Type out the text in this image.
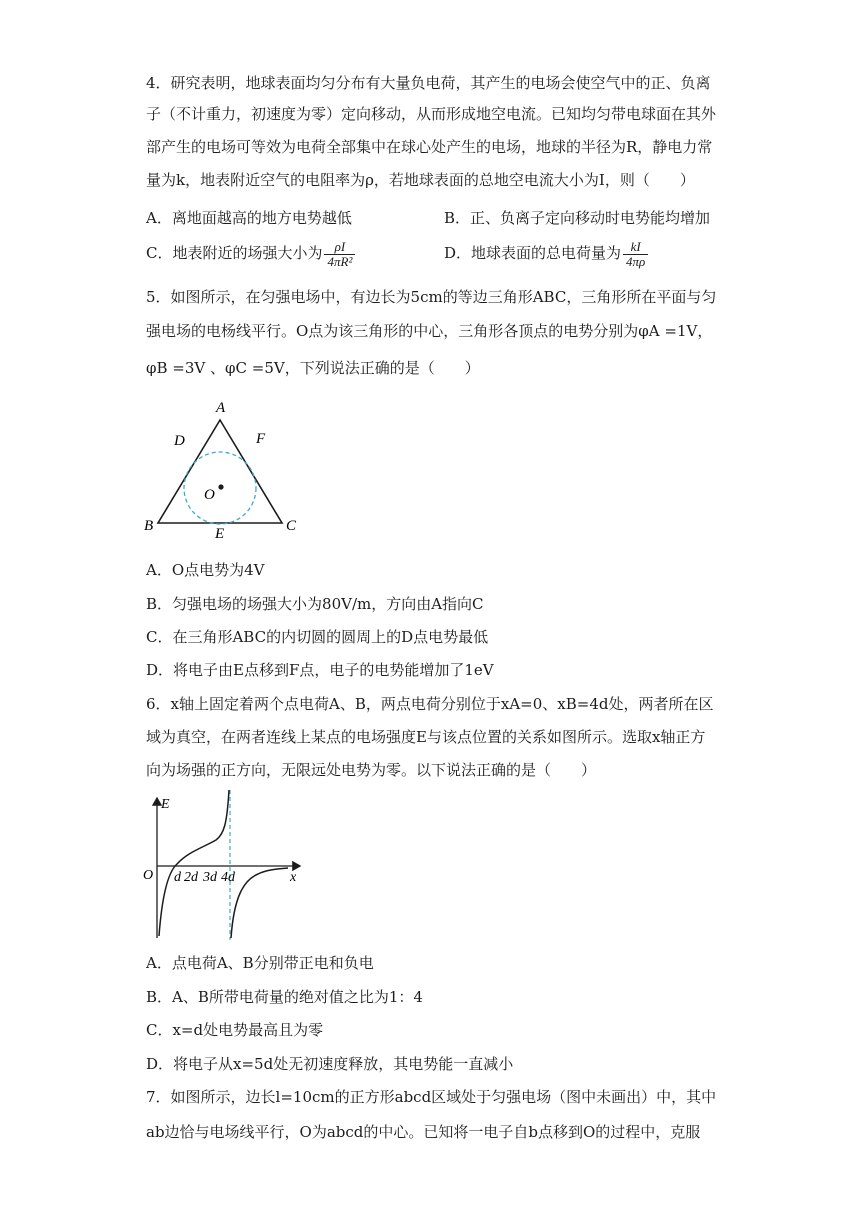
4．研究表明，地球表面均匀分布有大量负电荷，其产生的电场会使空气中的正、负离
子（不计重力，初速度为零）定向移动，从而形成地空电流。已知均匀带电球面在其外
部产生的电场可等效为电荷全部集中在球心处产生的电场，地球的半径为R，静电力常
量为k，地表附近空气的电阻率为ρ，若地球表面的总地空电流大小为I，则（　　）
A．离地面越高的地方电势越低	B．正、负离子定向移动时电势能均增加
C．地表附近的场强大小为 $\frac{\rho I}{\text{4πR²}}$	D．地球表面的总电荷量为 $\frac{kI}{4\pi\rho}$
5．如图所示，在匀强电场中，有边长为5cm的等边三角形ABC，三角形所在平面与匀
强电场的电杨线平行。O点为该三角形的中心，三角形各顶点的电势分别为φA =1V，
φB =3V 、φC =5V，下列说法正确的是（　　）
A
B	C
D	F
E
O
A．O点电势为4V
B．匀强电场的场强大小为80V/m，方向由A指向C
C．在三角形ABC的内切圆的圆周上的D点电势最低
D．将电子由E点移到F点，电子的电势能增加了1eV
6．x轴上固定着两个点电荷A、B，两点电荷分别位于xA=0、xB=4d处，两者所在区
域为真空，在两者连线上某点的电场强度E与该点位置的关系如图所示。选取x轴正方
向为场强的正方向，无限远处电势为零。以下说法正确的是（　　）
E
O	x
d 2d 3d 4d
A．点电荷A、B分别带正电和负电
B．A、B所带电荷量的绝对值之比为1：4
C．x=d处电势最高且为零
D．将电子从x=5d处无初速度释放，其电势能一直减小
7．如图所示，边长l=10cm的正方形abcd区域处于匀强电场（图中未画出）中，其中
ab边恰与电场线平行，O为abcd的中心。已知将一电子自b点移到O的过程中，克服
